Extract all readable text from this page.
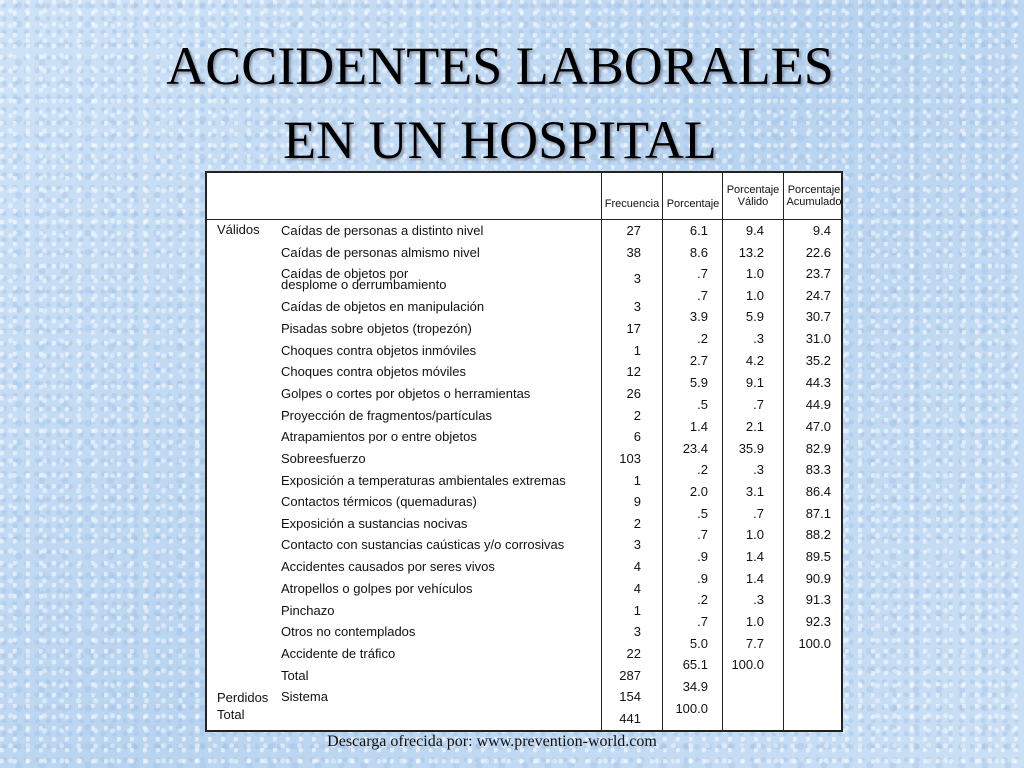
ACCIDENTES LABORALES
EN UN HOSPITAL
Frecuencia Porcentaje
Porcentaje
Válido
Porcentaje
Acumulado
Válidos
Perdidos
Total
Caídas de personas a distinto nivel
Caídas de personas almismo nivel
Caídas de objetos por
desplome o derrumbamiento
Caídas de objetos en manipulación
Pisadas sobre objetos (tropezón)
Choques contra objetos inmóviles
Choques contra objetos móviles
Golpes o cortes por objetos o herramientas
Proyección de fragmentos/partículas
Atrapamientos por o entre objetos
Sobreesfuerzo
Exposición a temperaturas ambientales extremas
Contactos térmicos (quemaduras)
Exposición a sustancias nocivas
Contacto con sustancias caústicas y/o corrosivas
Accidentes causados por seres vivos
Atropellos o golpes por vehículos
Pinchazo
Otros no contemplados
Accidente de tráfico
Total
Sistema
27
38
3
3
17
1
12
26
2
6
103
1
9
2
3
4
4
1
3
22
287
154
441
6.1
8.6
.7
.7
3.9
.2
2.7
5.9
.5
1.4
23.4
.2
2.0
.5
.7
.9
.9
.2
.7
5.0
65.1
34.9
100.0
9.4
13.2
1.0
1.0
5.9
.3
4.2
9.1
.7
2.1
35.9
.3
3.1
.7
1.0
1.4
1.4
.3
1.0
7.7
100.0
9.4
22.6
23.7
24.7
30.7
31.0
35.2
44.3
44.9
47.0
82.9
83.3
86.4
87.1
88.2
89.5
90.9
91.3
92.3
100.0
Descarga ofrecida por: www.prevention-world.com
